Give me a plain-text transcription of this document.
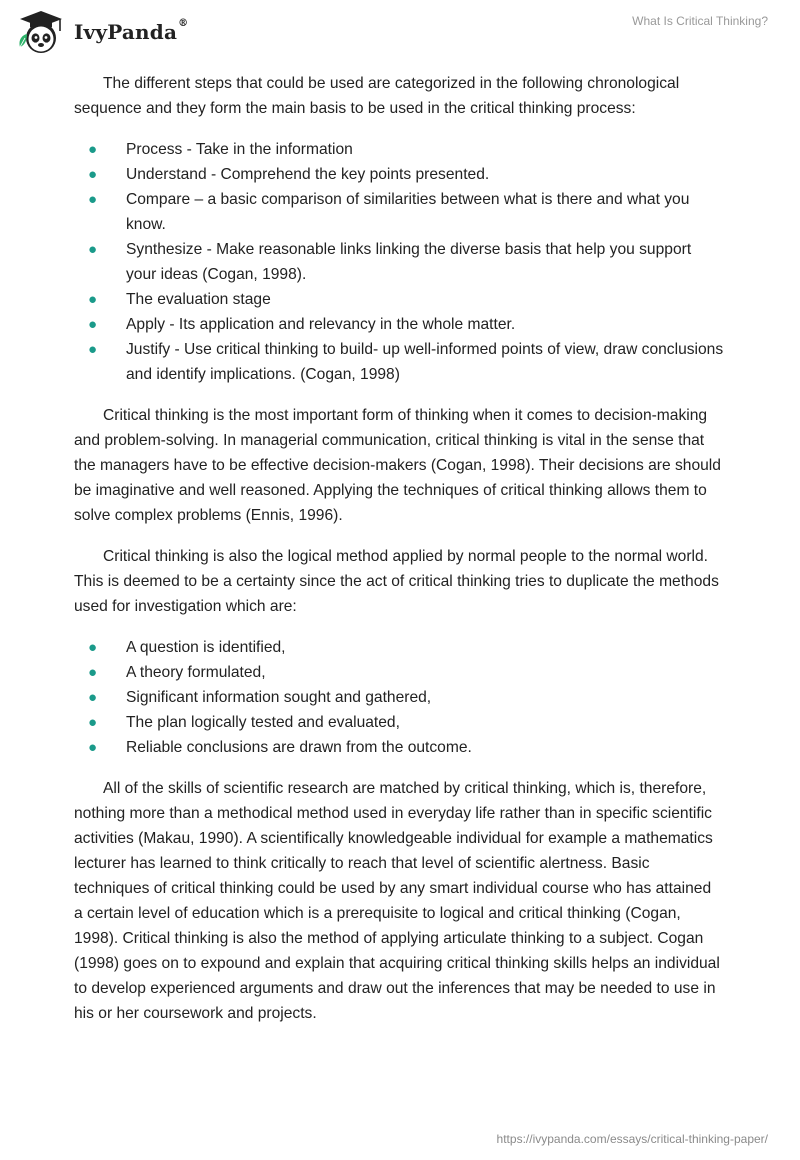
IvyPanda®	What Is Critical Thinking?

The different steps that could be used are categorized in the following chronological sequence and they form the main basis to be used in the critical thinking process:

● Process - Take in the information
● Understand - Comprehend the key points presented.
● Compare – a basic comparison of similarities between what is there and what you know.
● Synthesize - Make reasonable links linking the diverse basis that help you support your ideas (Cogan, 1998).
● The evaluation stage
● Apply - Its application and relevancy in the whole matter.
● Justify - Use critical thinking to build- up well-informed points of view, draw conclusions and identify implications. (Cogan, 1998)

Critical thinking is the most important form of thinking when it comes to decision-making and problem-solving. In managerial communication, critical thinking is vital in the sense that the managers have to be effective decision-makers (Cogan, 1998). Their decisions are should be imaginative and well reasoned. Applying the techniques of critical thinking allows them to solve complex problems (Ennis, 1996).

Critical thinking is also the logical method applied by normal people to the normal world. This is deemed to be a certainty since the act of critical thinking tries to duplicate the methods used for investigation which are:

● A question is identified,
● A theory formulated,
● Significant information sought and gathered,
● The plan logically tested and evaluated,
● Reliable conclusions are drawn from the outcome.

All of the skills of scientific research are matched by critical thinking, which is, therefore, nothing more than a methodical method used in everyday life rather than in specific scientific activities (Makau, 1990). A scientifically knowledgeable individual for example a mathematics lecturer has learned to think critically to reach that level of scientific alertness. Basic techniques of critical thinking could be used by any smart individual course who has attained a certain level of education which is a prerequisite to logical and critical thinking (Cogan, 1998). Critical thinking is also the method of applying articulate thinking to a subject. Cogan (1998) goes on to expound and explain that acquiring critical thinking skills helps an individual to develop experienced arguments and draw out the inferences that may be needed to use in his or her coursework and projects.

https://ivypanda.com/essays/critical-thinking-paper/
